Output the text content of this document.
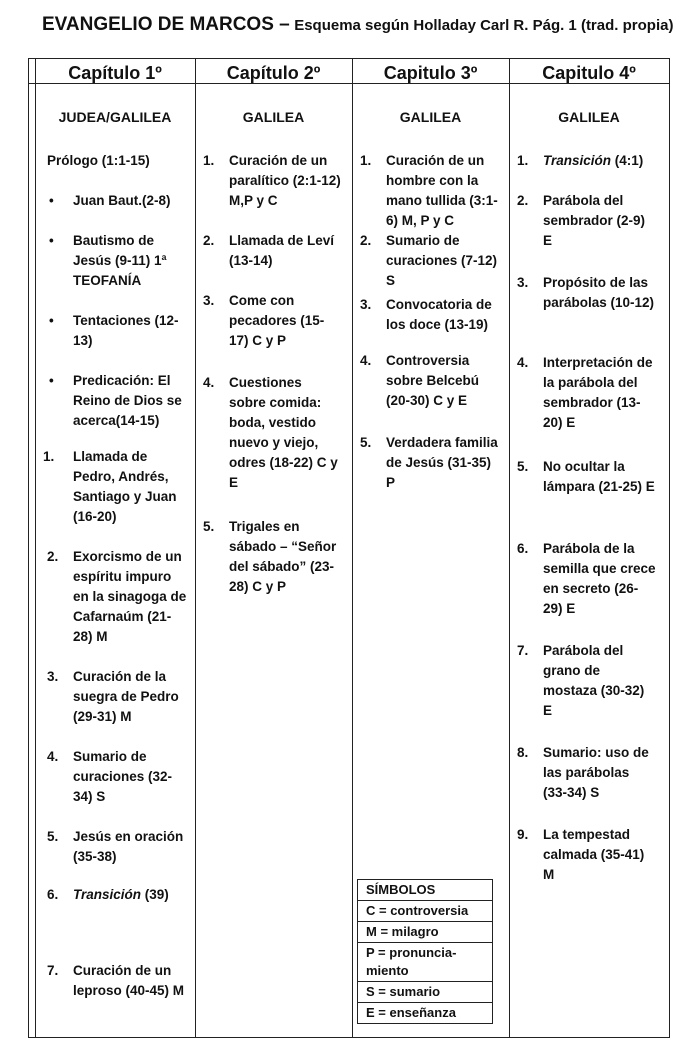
EVANGELIO DE MARCOS – Esquema según Holladay Carl R. Pág. 1 (trad. propia)
Capítulo 1º
JUDEA/GALILEA
Prólogo (1:1-15)
•	Juan Baut.(2-8)
•	Bautismo de Jesús (9-11) 1ª TEOFANÍA
•	Tentaciones (12-13)
•	Predicación: El Reino de Dios se acerca(14-15)
1.	Llamada de Pedro, Andrés, Santiago y Juan (16-20)
2.	Exorcismo de un espíritu impuro en la sinagoga de Cafarnaúm (21-28) M
3.	Curación de la suegra de Pedro (29-31) M
4.	Sumario de curaciones (32-34) S
5.	Jesús en oración (35-38)
6.	Transición (39)
7.	Curación de un leproso (40-45) M
Capítulo 2º
GALILEA
1.	Curación de un paralítico (2:1-12) M,P y C
2.	Llamada de Leví (13-14)
3.	Come con pecadores (15-17) C y P
4.	Cuestiones sobre comida: boda, vestido nuevo y viejo, odres (18-22) C y E
5.	Trigales en sábado – “Señor del sábado” (23-28) C y P
Capitulo 3º
GALILEA
1.	Curación de un hombre con la mano tullida (3:1-6) M, P y C
2.	Sumario de curaciones (7-12) S
3.	Convocatoria de los doce (13-19)
4.	Controversia sobre Belcebú (20-30) C y E
5.	Verdadera familia de Jesús (31-35) P
Capitulo 4º
GALILEA
1.	Transición (4:1)
2.	Parábola del sembrador (2-9) E
3.	Propósito de las parábolas (10-12)
4.	Interpretación de la parábola del sembrador (13-20) E
5.	No ocultar la lámpara (21-25) E
6.	Parábola de la semilla que crece en secreto (26-29) E
7.	Parábola del grano de mostaza (30-32) E
8.	Sumario: uso de las parábolas (33-34) S
9.	La tempestad calmada (35-41) M
SÍMBOLOS
C = controversia
M = milagro
P = pronuncia-miento
S = sumario
E = enseñanza
